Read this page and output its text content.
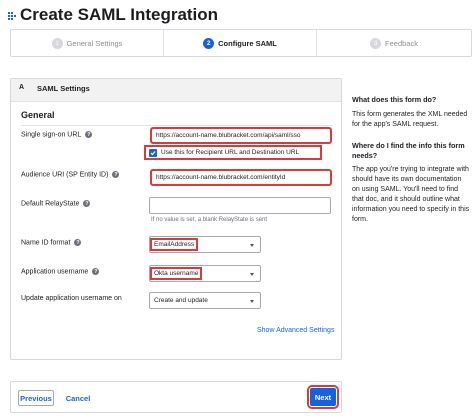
Create SAML Integration
1	General Settings	2	Configure SAML	3	Feedback
A SAML Settings
General
Single sign-on URL ?	https://account-name.blubracket.com/api/saml/sso
Use this for Recipient URL and Destination URL
Audience URI (SP Entity ID) ?	https://account-name.blubracket.com/entityId
Default RelayState ?
If no value is set, a blank RelayState is sent
Name ID format ?	EmailAddress
Application username ?	Okta username
Update application username on	Create and update
Show Advanced Settings
What does this form do?
This form generates the XML needed for the app's SAML request.
Where do I find the info this form needs?
The app you're trying to integrate with should have its own documentation on using SAML. You'll need to find that doc, and it should outline what information you need to specify in this form.
Previous	Cancel	Next
